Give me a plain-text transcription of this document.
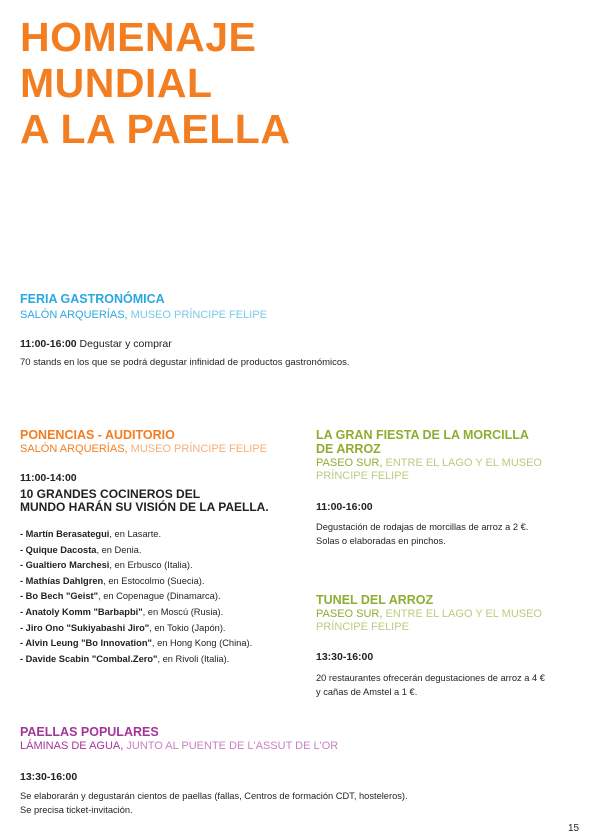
HOMENAJE
MUNDIAL
A LA PAELLA

FERIA GASTRONÓMICA

SALÓN ARQUERÍAS, MUSEO PRÍNCIPE FELIPE

11:00-16:00 Degustar y comprar

70 stands en los que se podrá degustar infinidad de productos gastronómicos.

PONENCIAS - AUDITORIO

SALÓN ARQUERÍAS, MUSEO PRÍNCIPE FELIPE

11:00-14:00

10 GRANDES COCINEROS DEL

MUNDO HARÁN SU VISIÓN DE LA PAELLA.

- Martín Berasategui, en Lasarte.
- Quique Dacosta, en Denia.
- Gualtiero Marchesi, en Erbusco (Italia).
- Mathías Dahlgren, en Estocolmo (Suecia).
- Bo Bech "Geist", en Copenague (Dinamarca).
- Anatoly Komm "Barbapbi", en Moscú (Rusia).
- Jiro Ono "Sukiyabashi Jiro", en Tokio (Japón).
- Alvin Leung "Bo Innovation", en Hong Kong (China).
- Davide Scabin "Combal.Zero", en Rivoli (Italia).

LA GRAN FIESTA DE LA MORCILLA

DE ARROZ

PASEO SUR, ENTRE EL LAGO Y EL MUSEO

PRÍNCIPE FELIPE

11:00-16:00

Degustación de rodajas de morcillas de arroz a 2 €.

Solas o elaboradas en pinchos.

TUNEL DEL ARROZ

PASEO SUR, ENTRE EL LAGO Y EL MUSEO

PRÍNCIPE FELIPE

13:30-16:00

20 restaurantes ofrecerán degustaciones de arroz a 4 €

y cañas de Amstel a 1 €.

PAELLAS POPULARES

LÁMINAS DE AGUA, JUNTO AL PUENTE DE L'ASSUT DE L'OR

13:30-16:00

Se elaborarán y degustarán cientos de paellas (fallas, Centros de formación CDT, hosteleros).

Se precisa ticket-invitación.

15
